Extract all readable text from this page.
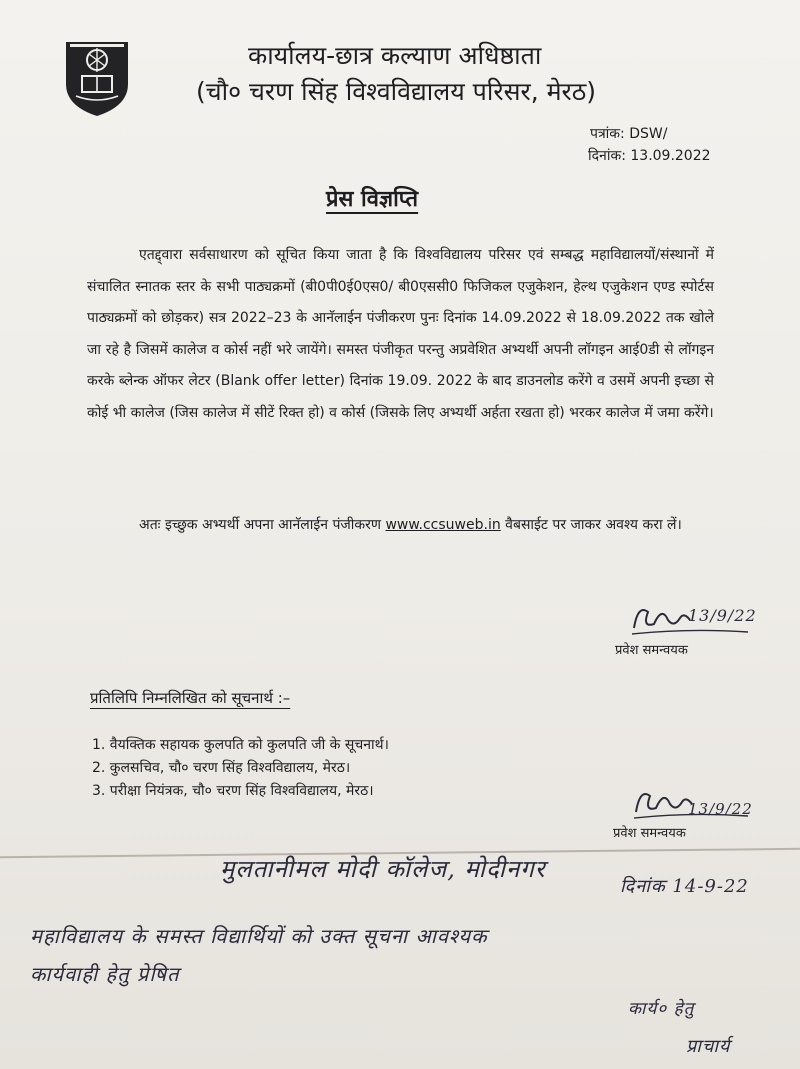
कार्यालय-छात्र कल्याण अधिष्ठाता
(चौ० चरण सिंह विश्वविद्यालय परिसर, मेरठ)
पत्रांक: DSW/
दिनांक: 13.09.2022
प्रेस विज्ञप्ति

एतद्द्वारा सर्वसाधारण को सूचित किया जाता है कि विश्वविद्यालय परिसर एवं सम्बद्ध महाविद्यालयों/संस्थानों में संचालित स्नातक स्तर के सभी पाठ्यक्रमों (बी0पी0ई0एस0/ बी0एससी0 फिजिकल एजुकेशन, हेल्थ एजुकेशन एण्ड स्पोर्टस पाठ्यक्रमों को छोड़कर) सत्र 2022–23 के आनॅलाईन पंजीकरण पुनः दिनांक 14.09.2022 से 18.09.2022 तक खोले जा रहे है जिसमें कालेज व कोर्स नहीं भरे जायेंगे। समस्त पंजीकृत परन्तु अप्रवेशित अभ्यर्थी अपनी लॉगइन आई0डी से लॉगइन करके ब्लेन्क ऑफर लेटर (Blank offer letter) दिनांक 19.09. 2022 के बाद डाउनलोड करेंगे व उसमें अपनी इच्छा से कोई भी कालेज (जिस कालेज में सीटें रिक्त हो) व कोर्स (जिसके लिए अभ्यर्थी अर्हता रखता हो) भरकर कालेज में जमा करेंगे।

अतः इच्छुक अभ्यर्थी अपना आनॅलाईन पंजीकरण www.ccsuweb.in वैबसाईट पर जाकर अवश्य करा लें।

13/9/22
प्रवेश समन्वयक
प्रतिलिपि निम्नलिखित को सूचनार्थ :–
1. वैयक्तिक सहायक कुलपति को कुलपति जी के सूचनार्थ।
2. कुलसचिव, चौ० चरण सिंह विश्वविद्यालय, मेरठ।
3. परीक्षा नियंत्रक, चौ० चरण सिंह विश्वविद्यालय, मेरठ।
13/9/22
प्रवेश समन्वयक
मुलतानीमल मोदी कॉलेज, मोदीनगर
दिनांक 14-9-22
महाविद्यालय के समस्त विद्यार्थियों को उक्त सूचना आवश्यक
कार्यवाही हेतु प्रेषित
कार्य० हेतु
प्राचार्य
